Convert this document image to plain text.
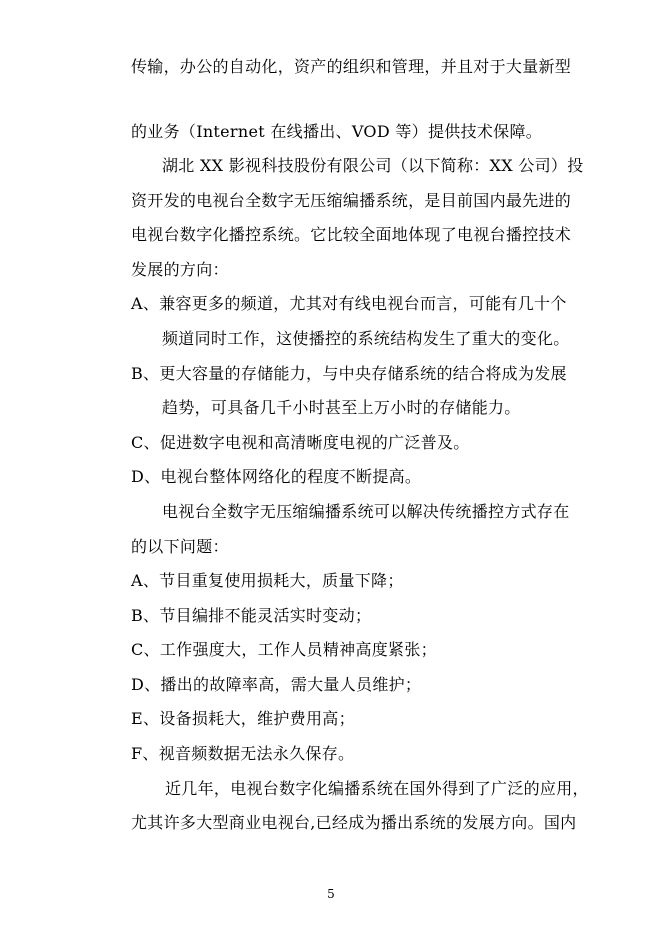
传输，办公的自动化，资产的组织和管理，并且对于大量新型
的业务（Internet 在线播出、VOD 等）提供技术保障。
湖北 XX 影视科技股份有限公司（以下简称：XX 公司）投
资开发的电视台全数字无压缩编播系统，是目前国内最先进的
电视台数字化播控系统。它比较全面地体现了电视台播控技术
发展的方向：
A、兼容更多的频道，尤其对有线电视台而言，可能有几十个
频道同时工作，这使播控的系统结构发生了重大的变化。
B、更大容量的存储能力，与中央存储系统的结合将成为发展
趋势，可具备几千小时甚至上万小时的存储能力。
C、促进数字电视和高清晰度电视的广泛普及。
D、电视台整体网络化的程度不断提高。
电视台全数字无压缩编播系统可以解决传统播控方式存在
的以下问题：
A、节目重复使用损耗大，质量下降；
B、节目编排不能灵活实时变动；
C、工作强度大，工作人员精神高度紧张；
D、播出的故障率高，需大量人员维护；
E、设备损耗大，维护费用高；
F、视音频数据无法永久保存。
近几年，电视台数字化编播系统在国外得到了广泛的应用，
尤其许多大型商业电视台,已经成为播出系统的发展方向。国内
5
